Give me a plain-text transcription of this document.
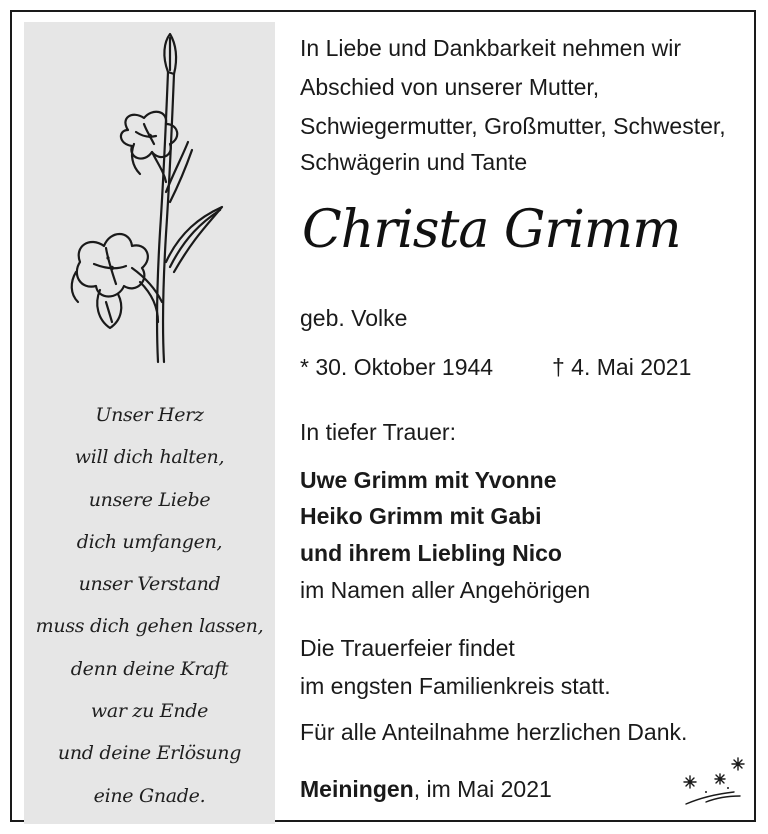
Unser Herz
will dich halten,
unsere Liebe
dich umfangen,
unser Verstand
muss dich gehen lassen,
denn deine Kraft
war zu Ende
und deine Erlösung
eine Gnade.
In Liebe und Dankbarkeit nehmen wir
Abschied von unserer Mutter,
Schwiegermutter, Großmutter, Schwester,
Schwägerin und Tante
Christa Grimm
geb. Volke
* 30. Oktober 1944	† 4. Mai 2021
In tiefer Trauer:
Uwe Grimm mit Yvonne
Heiko Grimm mit Gabi
und ihrem Liebling Nico
im Namen aller Angehörigen
Die Trauerfeier findet
im engsten Familienkreis statt.
Für alle Anteilnahme herzlichen Dank.
Meiningen, im Mai 2021
